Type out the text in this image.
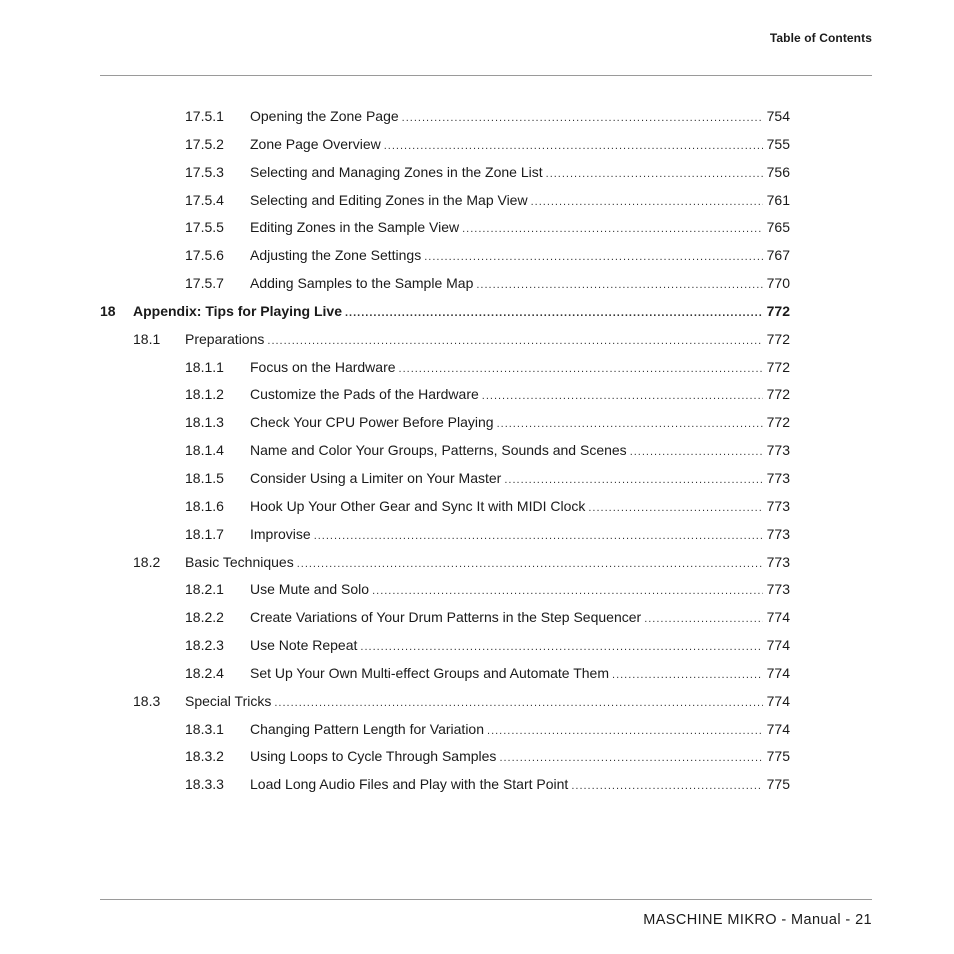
Table of Contents
17.5.1 Opening the Zone Page .....	754
17.5.2 Zone Page Overview .....	755
17.5.3 Selecting and Managing Zones in the Zone List .....	756
17.5.4 Selecting and Editing Zones in the Map View .....	761
17.5.5 Editing Zones in the Sample View .....	765
17.5.6 Adjusting the Zone Settings .....	767
17.5.7 Adding Samples to the Sample Map .....	770
18 Appendix: Tips for Playing Live .....	772
18.1 Preparations .....	772
18.1.1 Focus on the Hardware .....	772
18.1.2 Customize the Pads of the Hardware .....	772
18.1.3 Check Your CPU Power Before Playing .....	772
18.1.4 Name and Color Your Groups, Patterns, Sounds and Scenes .....	773
18.1.5 Consider Using a Limiter on Your Master .....	773
18.1.6 Hook Up Your Other Gear and Sync It with MIDI Clock .....	773
18.1.7 Improvise .....	773
18.2 Basic Techniques .....	773
18.2.1 Use Mute and Solo .....	773
18.2.2 Create Variations of Your Drum Patterns in the Step Sequencer .....	774
18.2.3 Use Note Repeat .....	774
18.2.4 Set Up Your Own Multi-effect Groups and Automate Them .....	774
18.3 Special Tricks .....	774
18.3.1 Changing Pattern Length for Variation .....	774
18.3.2 Using Loops to Cycle Through Samples .....	775
18.3.3 Load Long Audio Files and Play with the Start Point .....	775
MASCHINE MIKRO - Manual - 21
